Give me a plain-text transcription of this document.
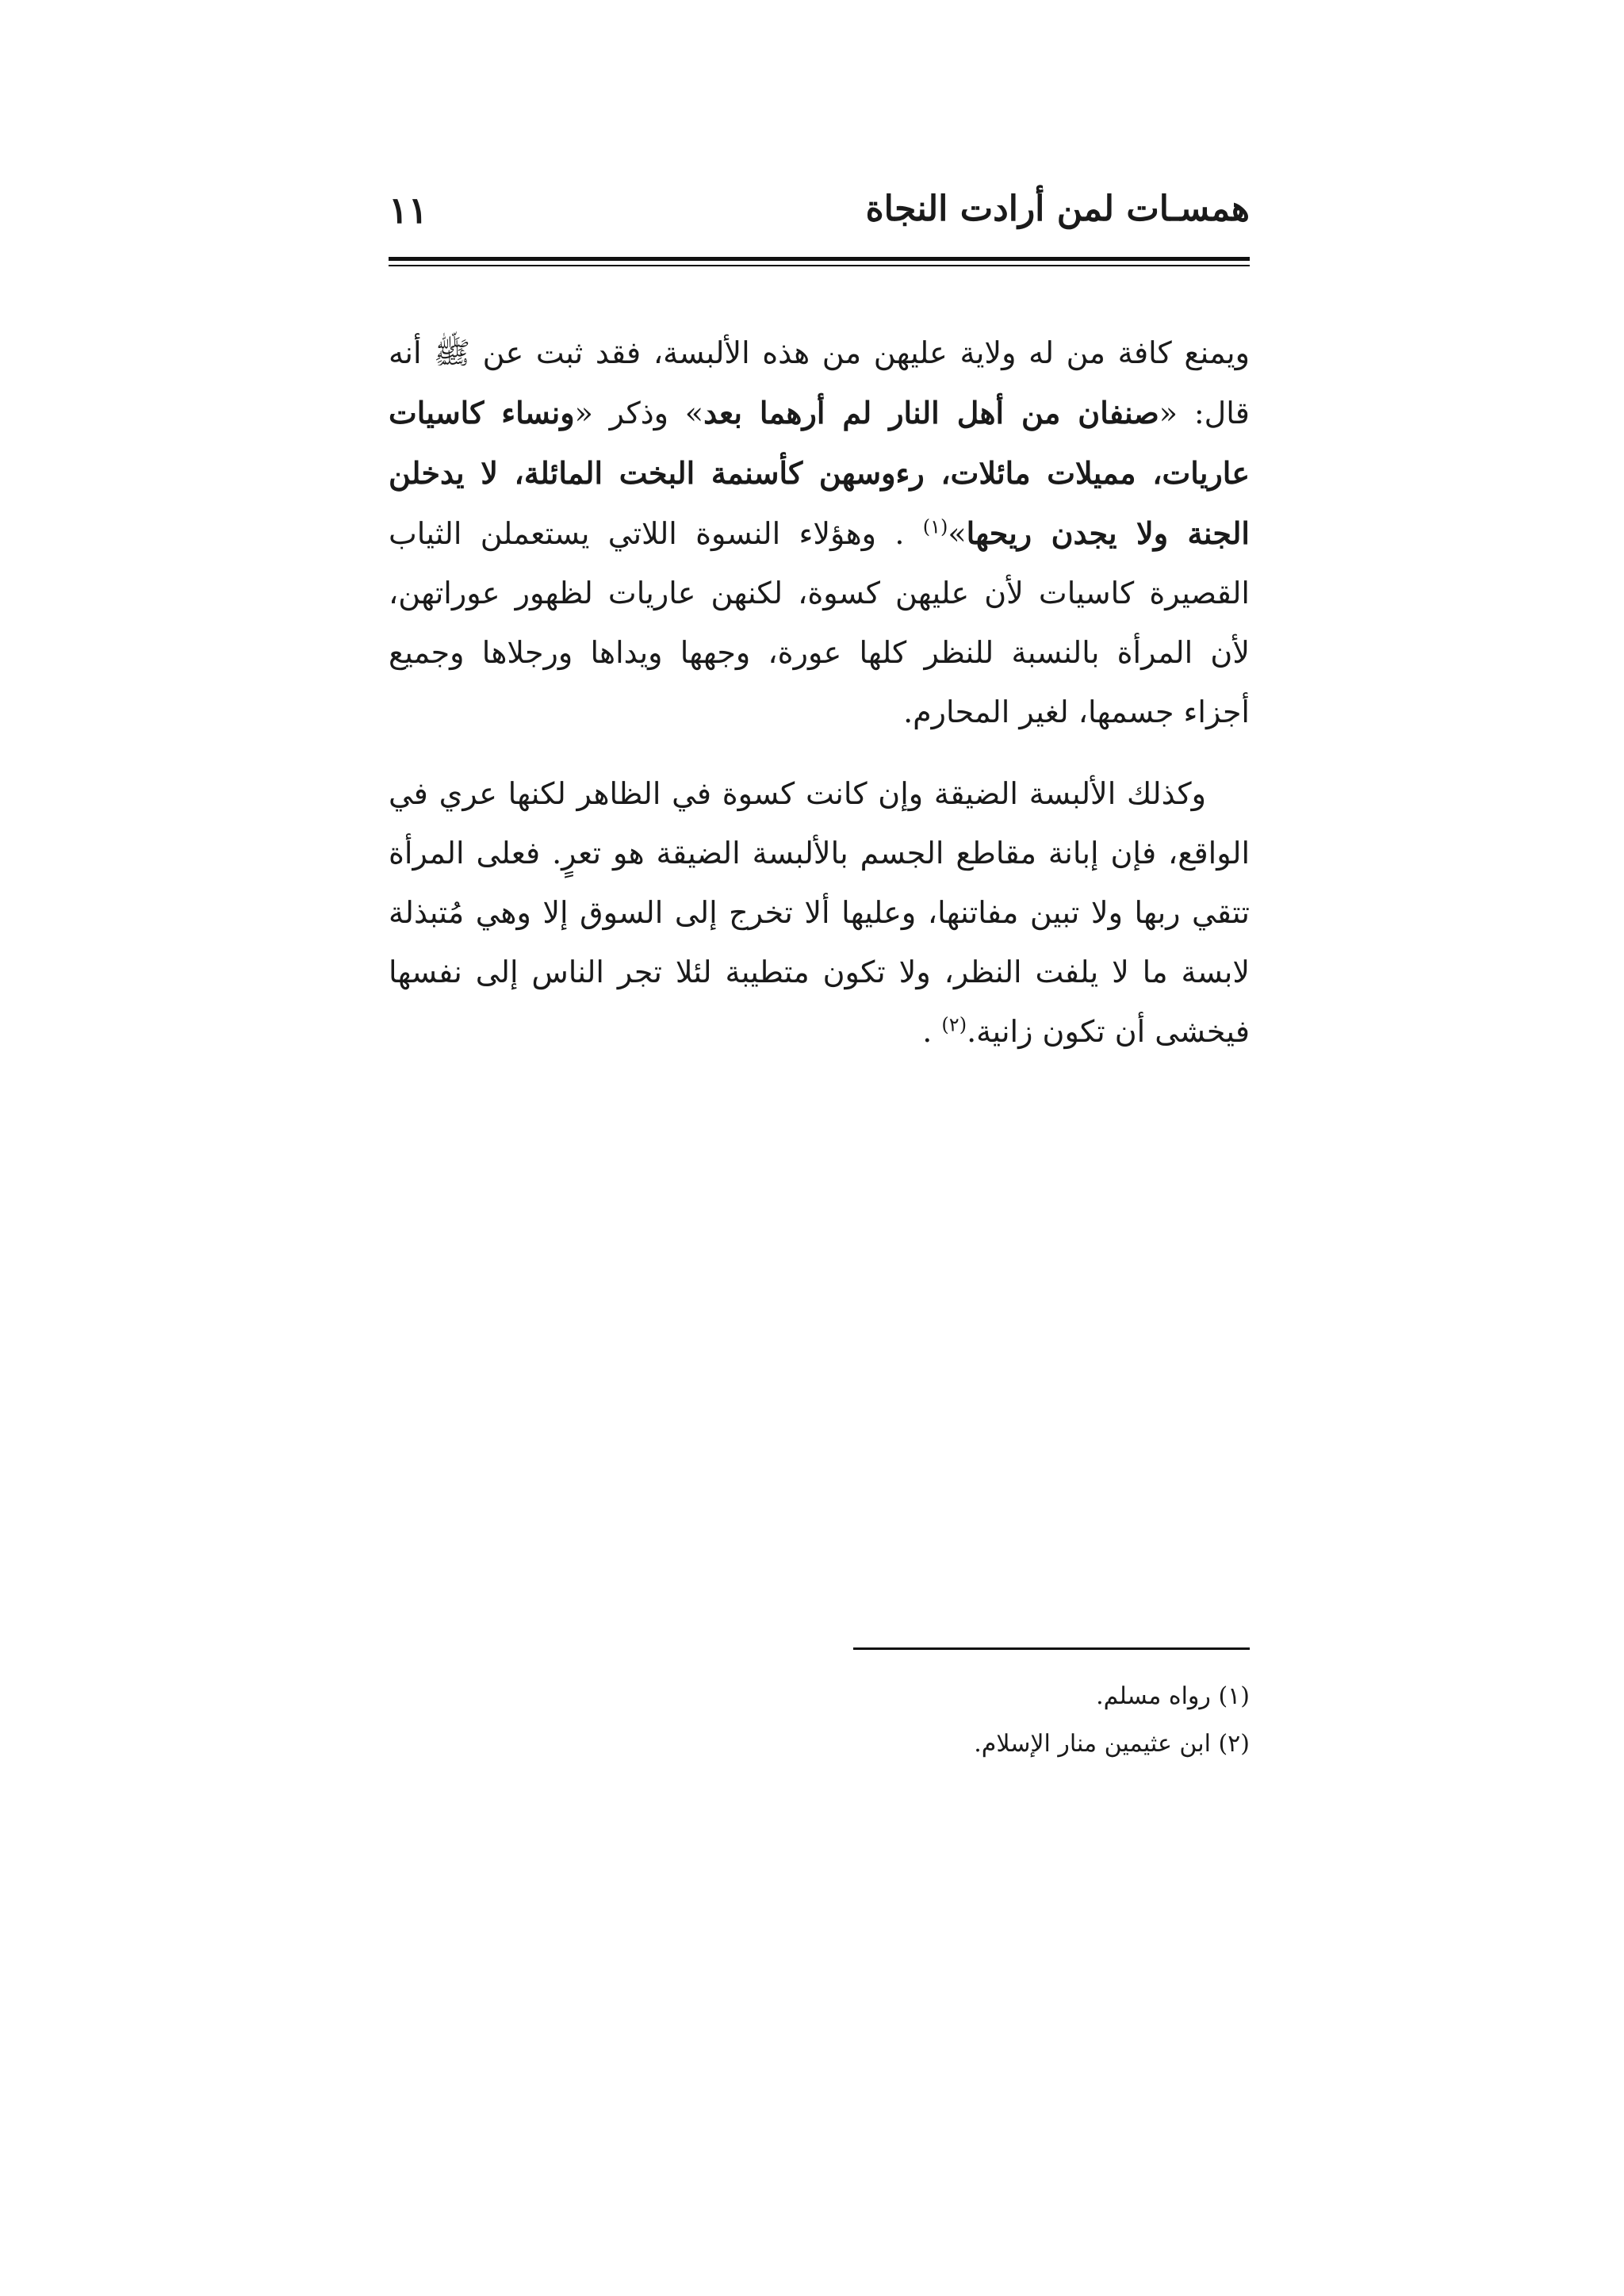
همسـات لمن أرادت النجاة
١١

ويمنع كافة من له ولاية عليهن من هذه الألبسة، فقد ثبت عن ﷺ أنه قال: «صنفان من أهل النار لم أرهما بعد» وذكر «ونساء كاسيات عاريات، مميلات مائلات، رءوسهن كأسنمة البخت المائلة، لا يدخلن الجنة ولا يجدن ريحها»$^{(١)}$ . وهؤلاء النسوة اللاتي يستعملن الثياب القصيرة كاسيات لأن عليهن كسوة، لكنهن عاريات لظهور عوراتهن، لأن المرأة بالنسبة للنظر كلها عورة، وجهها ويداها ورجلاها وجميع أجزاء جسمها، لغير المحارم.

وكذلك الألبسة الضيقة وإن كانت كسوة في الظاهر لكنها عري في الواقع، فإن إبانة مقاطع الجسم بالألبسة الضيقة هو تعرٍ. فعلى المرأة تتقي ربها ولا تبين مفاتنها، وعليها ألا تخرج إلى السوق إلا وهي مُتبذلة لابسة ما لا يلفت النظر، ولا تكون متطيبة لئلا تجر الناس إلى نفسها فيخشى أن تكون زانية.$^{(٢)}$ .

(١) رواه مسلم.
(٢) ابن عثيمين منار الإسلام.
